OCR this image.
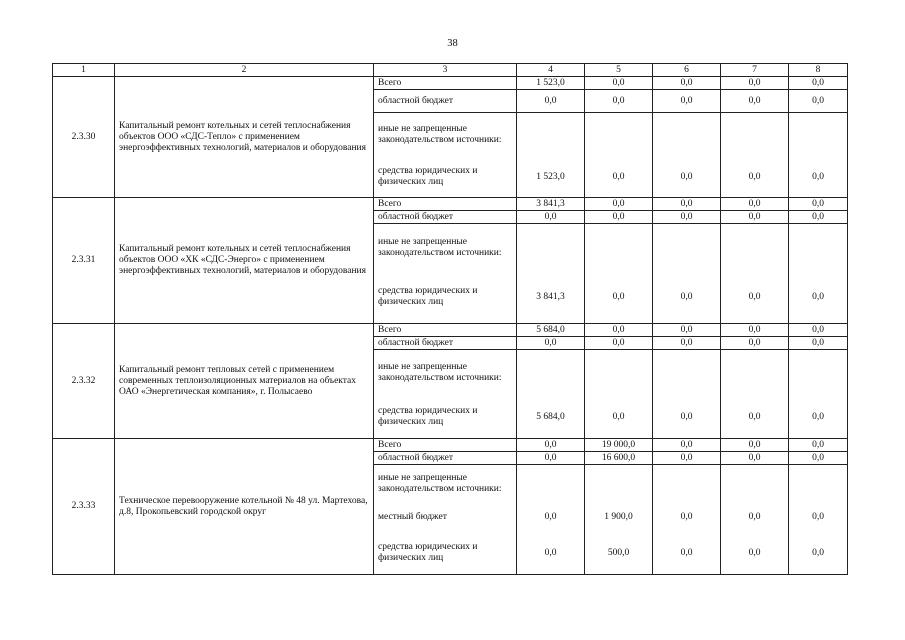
38
1	2	3	4	5	6	7	8
2.3.30	Капитальный ремонт котельных и сетей теплоснабжения объектов ООО «СДС-Тепло» с применением энергоэффективных технологий, материалов и оборудования	Всего	1 523,0	0,0	0,0	0,0	0,0
		областной бюджет	0,0	0,0	0,0	0,0	0,0
		иные не запрещенные законодательством источники:					
		средства юридических и физических лиц	1 523,0	0,0	0,0	0,0	0,0
2.3.31	Капитальный ремонт котельных и сетей теплоснабжения объектов ООО «ХК «СДС-Энерго» с применением энергоэффективных технологий, материалов и оборудования	Всего	3 841,3	0,0	0,0	0,0	0,0
		областной бюджет	0,0	0,0	0,0	0,0	0,0
		иные не запрещенные законодательством источники:					
		средства юридических и физических лиц	3 841,3	0,0	0,0	0,0	0,0
2.3.32	Капитальный ремонт тепловых сетей с применением современных теплоизоляционных материалов на объектах ОАО «Энергетическая компания», г. Полысаево	Всего	5 684,0	0,0	0,0	0,0	0,0
		областной бюджет	0,0	0,0	0,0	0,0	0,0
		иные не запрещенные законодательством источники:					
		средства юридических и физических лиц	5 684,0	0,0	0,0	0,0	0,0
2.3.33	Техническое перевооружение котельной № 48 ул. Мартехова, д.8, Прокопьевский городской округ	Всего	0,0	19 000,0	0,0	0,0	0,0
		областной бюджет	0,0	16 600,0	0,0	0,0	0,0
		иные не запрещенные законодательством источники:					
		местный бюджет	0,0	1 900,0	0,0	0,0	0,0
		средства юридических и физических лиц	0,0	500,0	0,0	0,0	0,0
